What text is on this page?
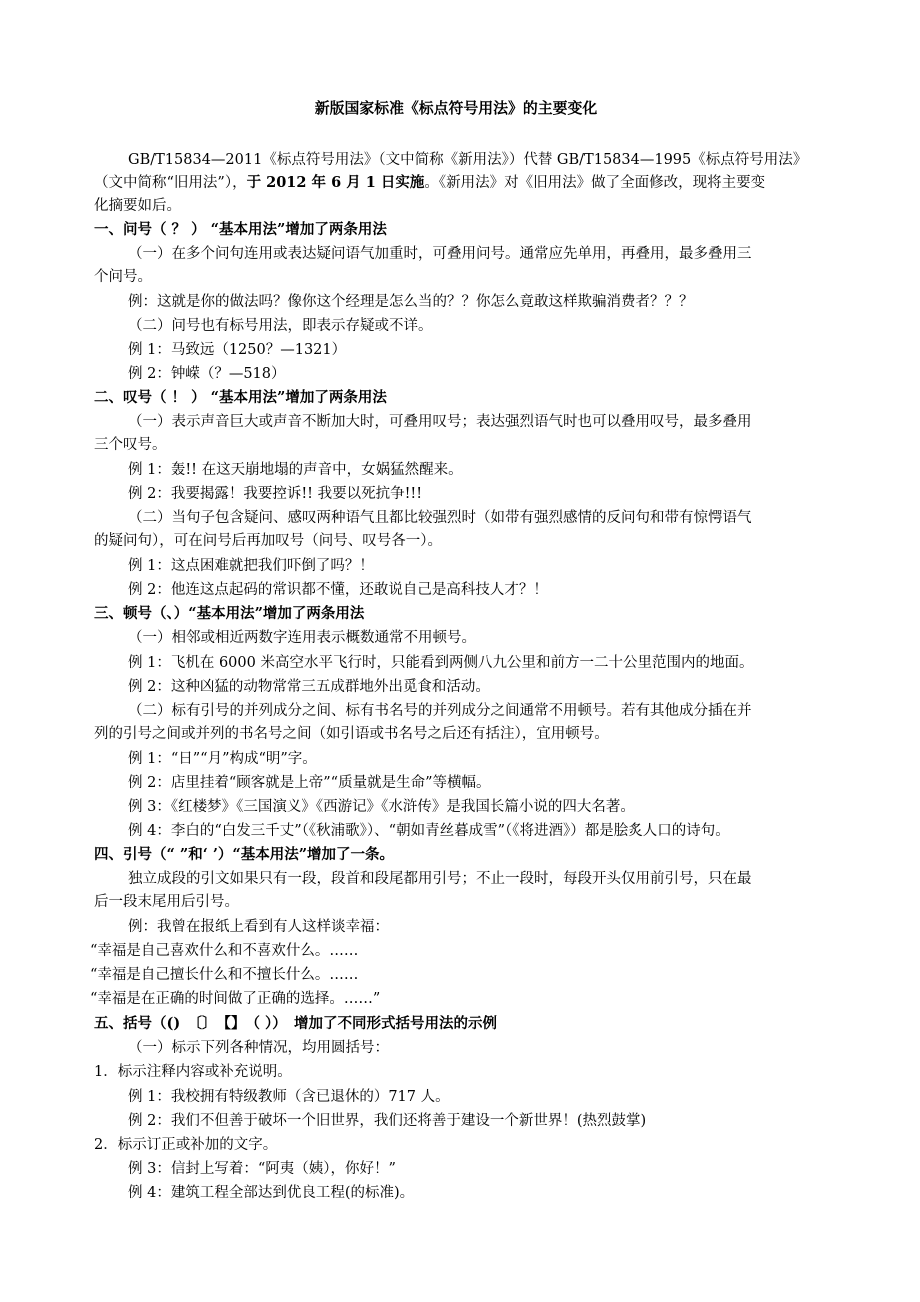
新版国家标准《标点符号用法》的主要变化
GB/T15834—2011《标点符号用法》（文中简称《新用法》）代替 GB/T15834—1995《标点符号用法》
（文中简称“旧用法”），于 2012 年 6 月 1 日实施。《新用法》对《旧用法》做了全面修改，现将主要变
化摘要如后。
一、问号（ ？ ） “基本用法”增加了两条用法
（一）在多个问句连用或表达疑问语气加重时，可叠用问号。通常应先单用，再叠用，最多叠用三
个问号。
例：这就是你的做法吗？像你这个经理是怎么当的？？你怎么竟敢这样欺骗消费者？？？
（二）问号也有标号用法，即表示存疑或不详。
例 1：马致远（1250？—1321）
例 2：钟嵘（？—518）
二、叹号（ ！ ） “基本用法”增加了两条用法
（一）表示声音巨大或声音不断加大时，可叠用叹号；表达强烈语气时也可以叠用叹号，最多叠用
三个叹号。
例 1：轰!! 在这天崩地塌的声音中，女娲猛然醒来。
例 2：我要揭露！我要控诉!! 我要以死抗争!!!
（二）当句子包含疑问、感叹两种语气且都比较强烈时（如带有强烈感情的反问句和带有惊愕语气
的疑问句），可在问号后再加叹号（问号、叹号各一）。
例 1：这点困难就把我们吓倒了吗？！
例 2：他连这点起码的常识都不懂，还敢说自己是高科技人才？！
三、顿号（、）“基本用法”增加了两条用法
（一）相邻或相近两数字连用表示概数通常不用顿号。
例 1：飞机在 6000 米高空水平飞行时，只能看到两侧八九公里和前方一二十公里范围内的地面。
例 2：这种凶猛的动物常常三五成群地外出觅食和活动。
（二）标有引号的并列成分之间、标有书名号的并列成分之间通常不用顿号。若有其他成分插在并
列的引号之间或并列的书名号之间（如引语或书名号之后还有括注），宜用顿号。
例 1：“日”“月”构成“明”字。
例 2：店里挂着“顾客就是上帝”“质量就是生命”等横幅。
例 3：《红楼梦》《三国演义》《西游记》《水浒传》是我国长篇小说的四大名著。
例 4：李白的“白发三千丈”（《秋浦歌》）、“朝如青丝暮成雪”（《将进酒》）都是脍炙人口的诗句。
四、引号（“ ”和‘ ’）“基本用法”增加了一条。
独立成段的引文如果只有一段，段首和段尾都用引号；不止一段时，每段开头仅用前引号，只在最
后一段末尾用后引号。
例：我曾在报纸上看到有人这样谈幸福：
“幸福是自己喜欢什么和不喜欢什么。……
“幸福是自己擅长什么和不擅长什么。……
“幸福是在正确的时间做了正确的选择。……”
五、括号（()　〔〕　【】　（ ））　增加了不同形式括号用法的示例
（一）标示下列各种情况，均用圆括号：
1．标示注释内容或补充说明。
例 1：我校拥有特级教师（含已退休的）717 人。
例 2：我们不但善于破坏一个旧世界，我们还将善于建设一个新世界！(热烈鼓掌)
2．标示订正或补加的文字。
例 3：信封上写着：“阿夷（姨），你好！”
例 4：建筑工程全部达到优良工程(的标准)。
